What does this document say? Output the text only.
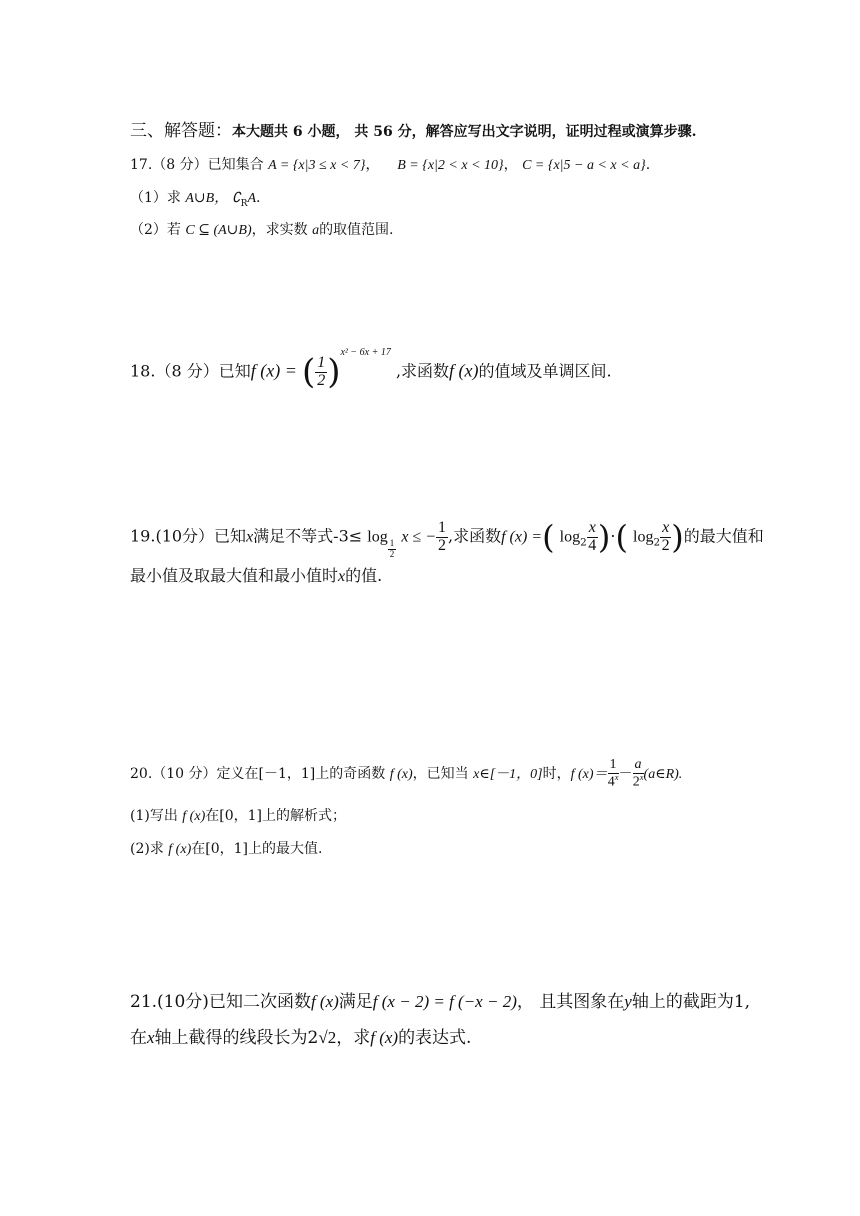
三、解答题：本大题共 6 小题， 共 56 分，解答应写出文字说明，证明过程或演算步骤.
17.（8 分）已知集合 A = {x|3 ≤ x < 7}，    B = {x|2 < x < 10}， C = {x|5 − a < x < a}.
（1）求 A∪B， $∁_RA$.
（2）若 C ⊆ (A∪B)，求实数 a的取值范围.
18.（8 分）已知f (x) = ( $\frac{1}{2} )^{x^2 - 6x + 17}$ ,求函数f (x)的值域及单调区间.
19.(10分）已知x满足不等式-3≤ log
$\frac{1}{2}$
x ≤ − $\frac{1}{2}$ ,求函数f (x) =( $\log_2 \frac{x}{4}$ )·( $\log_2 \frac{x}{2}$ )的最大值和
最小值及取最大值和最小值时x的值.
20.（10 分）定义在[－1，1]上的奇函数 f (x)，已知当 x∈[－1，0]时，f $(x)= \frac{1}{4^x} - \frac{a}{2^x}$ (a∈R).
(1)写出 f (x)在[0，1]上的解析式；
(2)求 f (x)在[0，1]上的最大值.
21.(10分)已知二次函数f (x)满足f (x − 2) = f (−x − 2)， 且其图象在y轴上的截距为1,
在x轴上截得的线段长为2√2，求f (x)的表达式.
